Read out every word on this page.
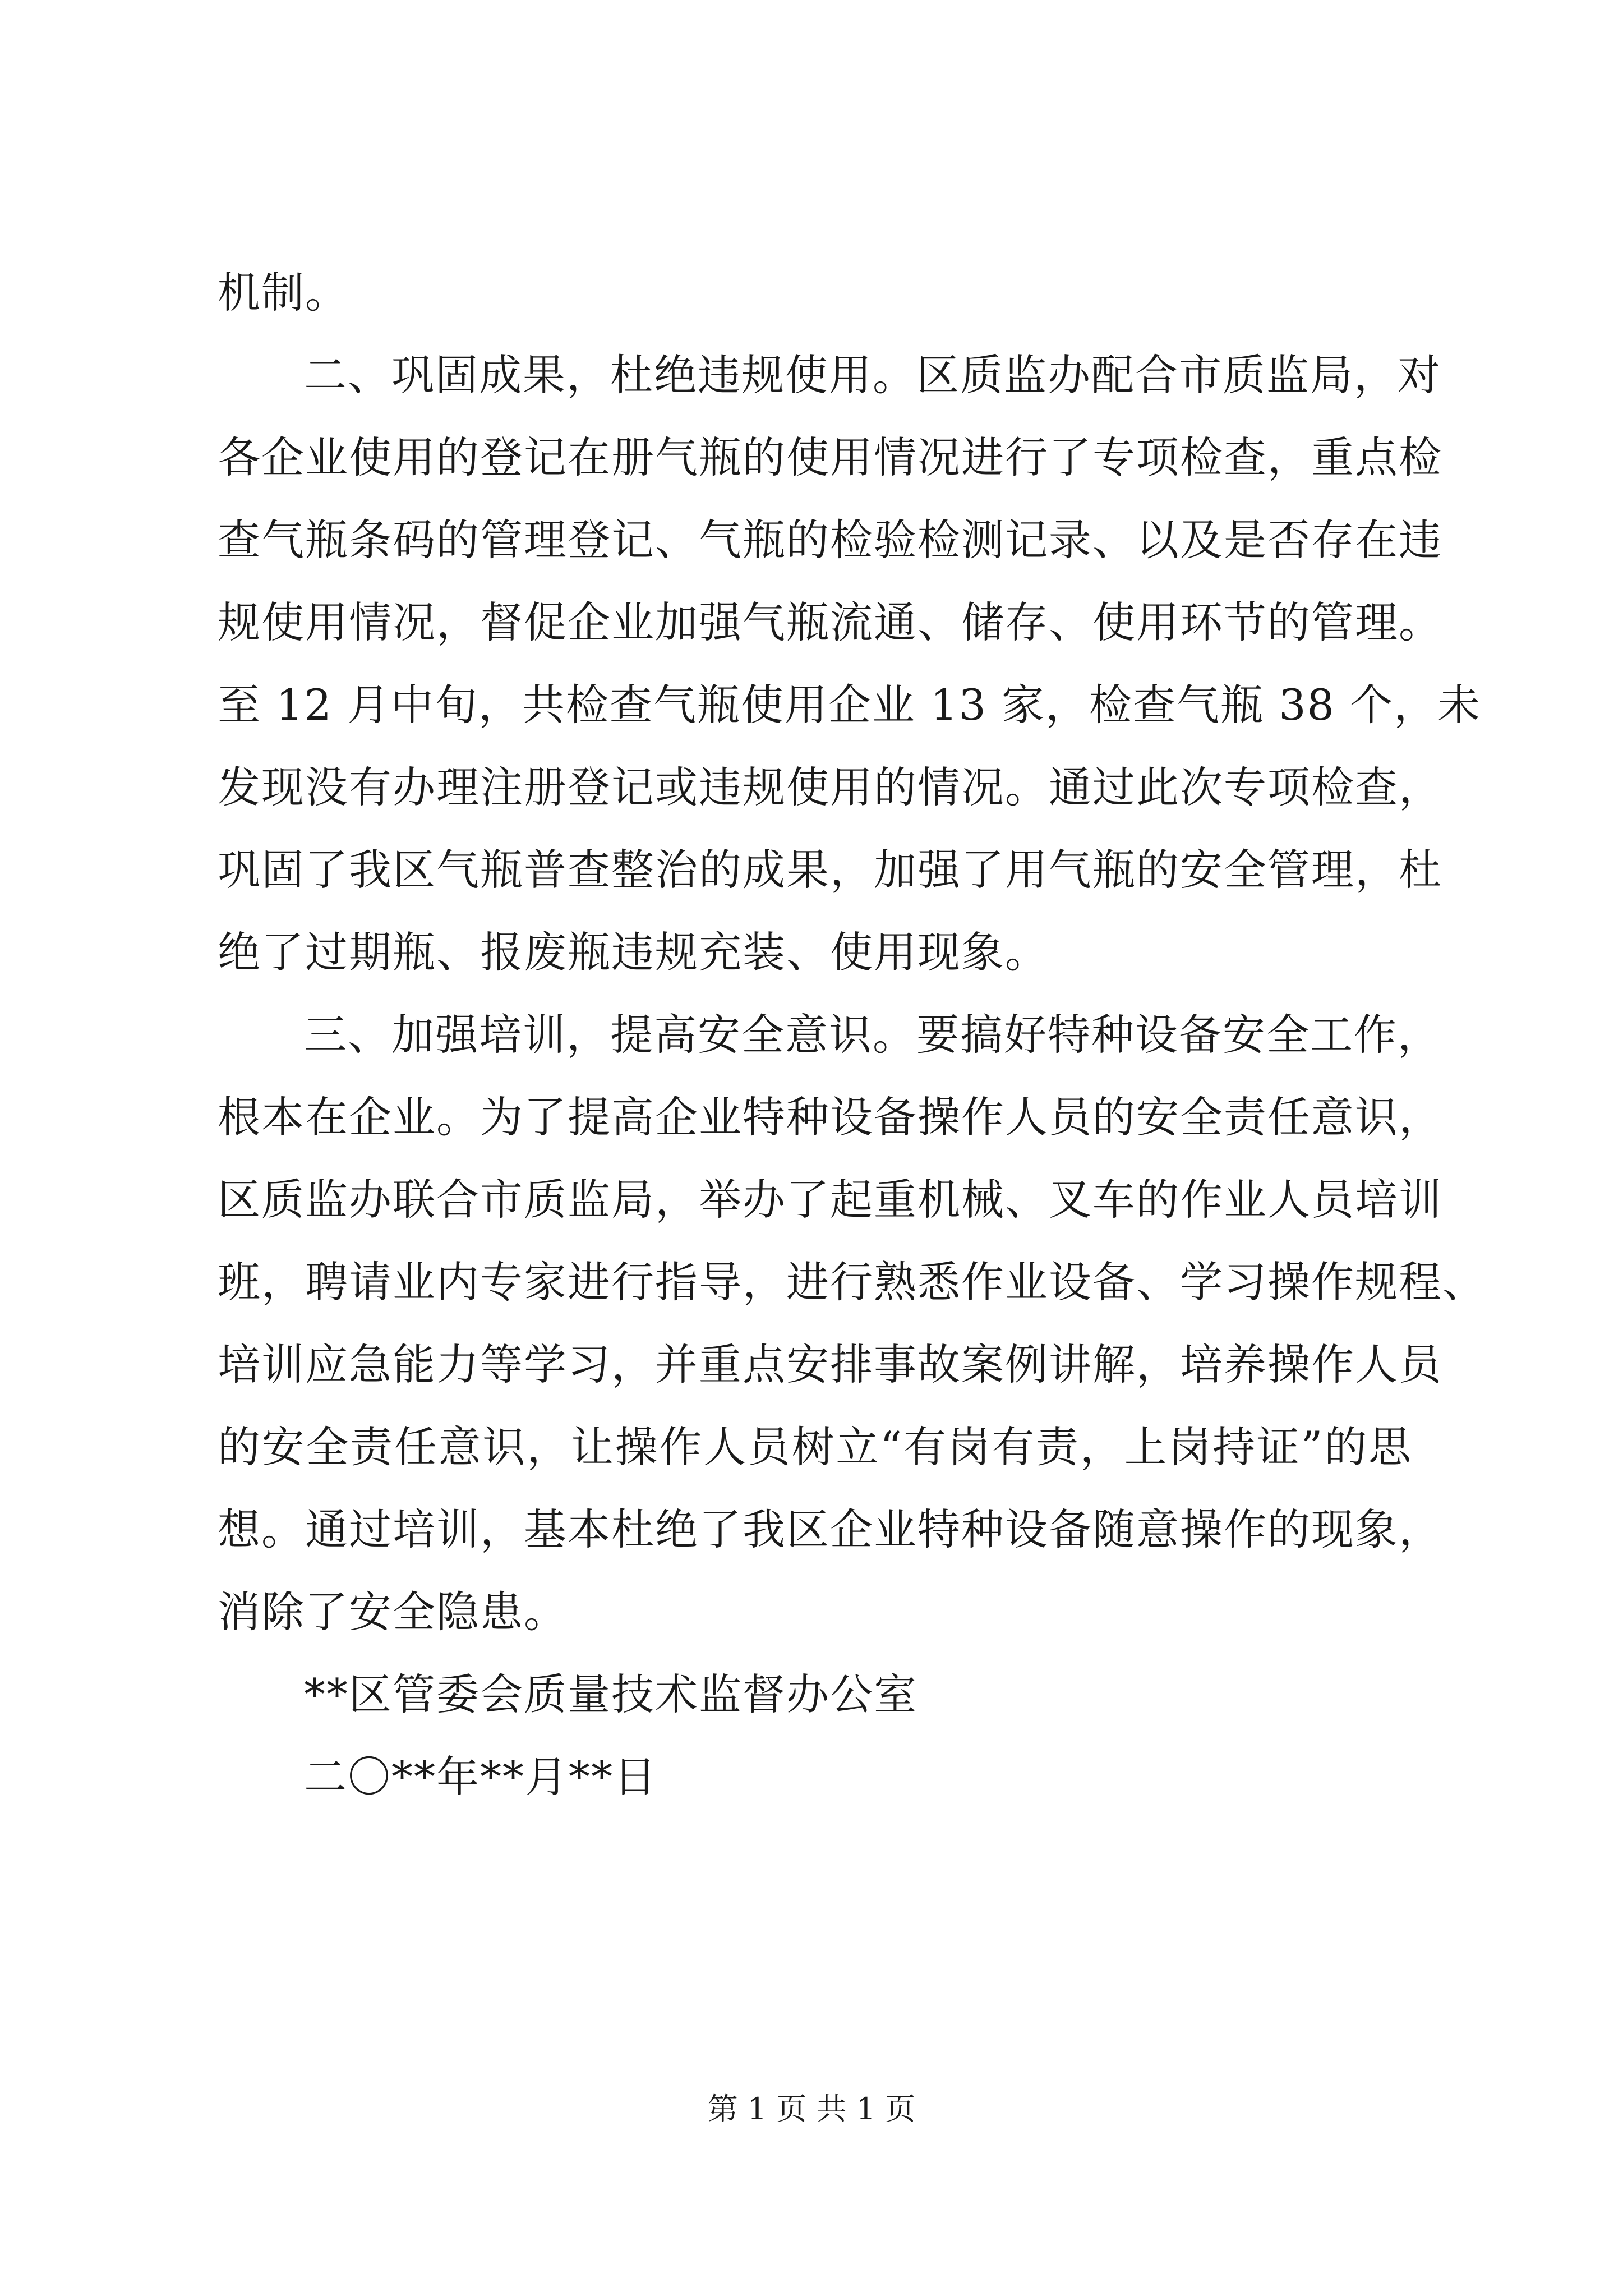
机制。
二、巩固成果，杜绝违规使用。区质监办配合市质监局，对
各企业使用的登记在册气瓶的使用情况进行了专项检查，重点检
查气瓶条码的管理登记、气瓶的检验检测记录、以及是否存在违
规使用情况，督促企业加强气瓶流通、储存、使用环节的管理。
至 12 月中旬，共检查气瓶使用企业 13 家，检查气瓶 38 个，未
发现没有办理注册登记或违规使用的情况。通过此次专项检查，
巩固了我区气瓶普查整治的成果，加强了用气瓶的安全管理，杜
绝了过期瓶、报废瓶违规充装、使用现象。
三、加强培训，提高安全意识。要搞好特种设备安全工作，
根本在企业。为了提高企业特种设备操作人员的安全责任意识，
区质监办联合市质监局，举办了起重机械、叉车的作业人员培训
班，聘请业内专家进行指导，进行熟悉作业设备、学习操作规程、
培训应急能力等学习，并重点安排事故案例讲解，培养操作人员
的安全责任意识，让操作人员树立“有岗有责，上岗持证”的思
想。通过培训，基本杜绝了我区企业特种设备随意操作的现象，
消除了安全隐患。
**区管委会质量技术监督办公室
二〇**年**月**日
第 1 页 共 1 页
